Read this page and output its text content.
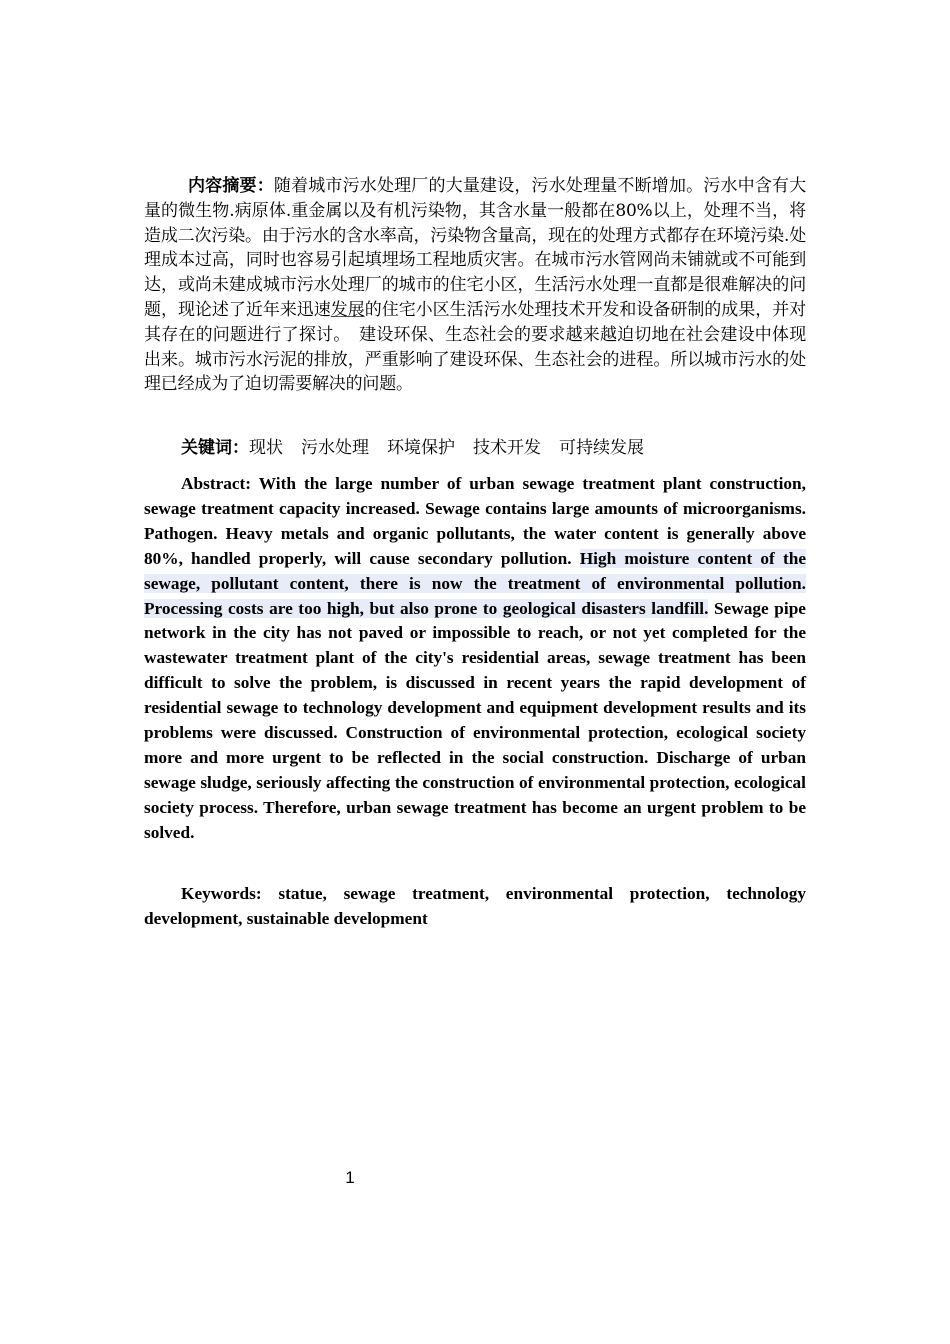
内容摘要：随着城市污水处理厂的大量建设，污水处理量不断增加。污水中含有大量的微生物.病原体.重金属以及有机污染物，其含水量一般都在80%以上，处理不当，将造成二次污染。由于污水的含水率高，污染物含量高，现在的处理方式都存在环境污染.处理成本过高，同时也容易引起填埋场工程地质灾害。在城市污水管网尚未铺就或不可能到达，或尚未建成城市污水处理厂的城市的住宅小区，生活污水处理一直都是很难解决的问题，现论述了近年来迅速发展的住宅小区生活污水处理技术开发和设备研制的成果，并对其存在的问题进行了探讨。　建设环保、生态社会的要求越来越迫切地在社会建设中体现出来。城市污水污泥的排放，严重影响了建设环保、生态社会的进程。所以城市污水的处理已经成为了迫切需要解决的问题。

关键词：现状 污水处理 环境保护 技术开发 可持续发展

Abstract: With the large number of urban sewage treatment plant construction, sewage treatment capacity increased. Sewage contains large amounts of microorganisms. Pathogen. Heavy metals and organic pollutants, the water content is generally above 80%, handled properly, will cause secondary pollution. High moisture content of the sewage, pollutant content, there is now the treatment of environmental pollution. Processing costs are too high, but also prone to geological disasters landfill. Sewage pipe network in the city has not paved or impossible to reach, or not yet completed for the wastewater treatment plant of the city's residential areas, sewage treatment has been difficult to solve the problem, is discussed in recent years the rapid development of residential sewage to technology development and equipment development results and its problems were discussed. Construction of environmental protection, ecological society more and more urgent to be reflected in the social construction. Discharge of urban sewage sludge, seriously affecting the construction of environmental protection, ecological society process. Therefore, urban sewage treatment has become an urgent problem to be solved.

Keywords: statue, sewage treatment, environmental protection, technology development, sustainable development

1
